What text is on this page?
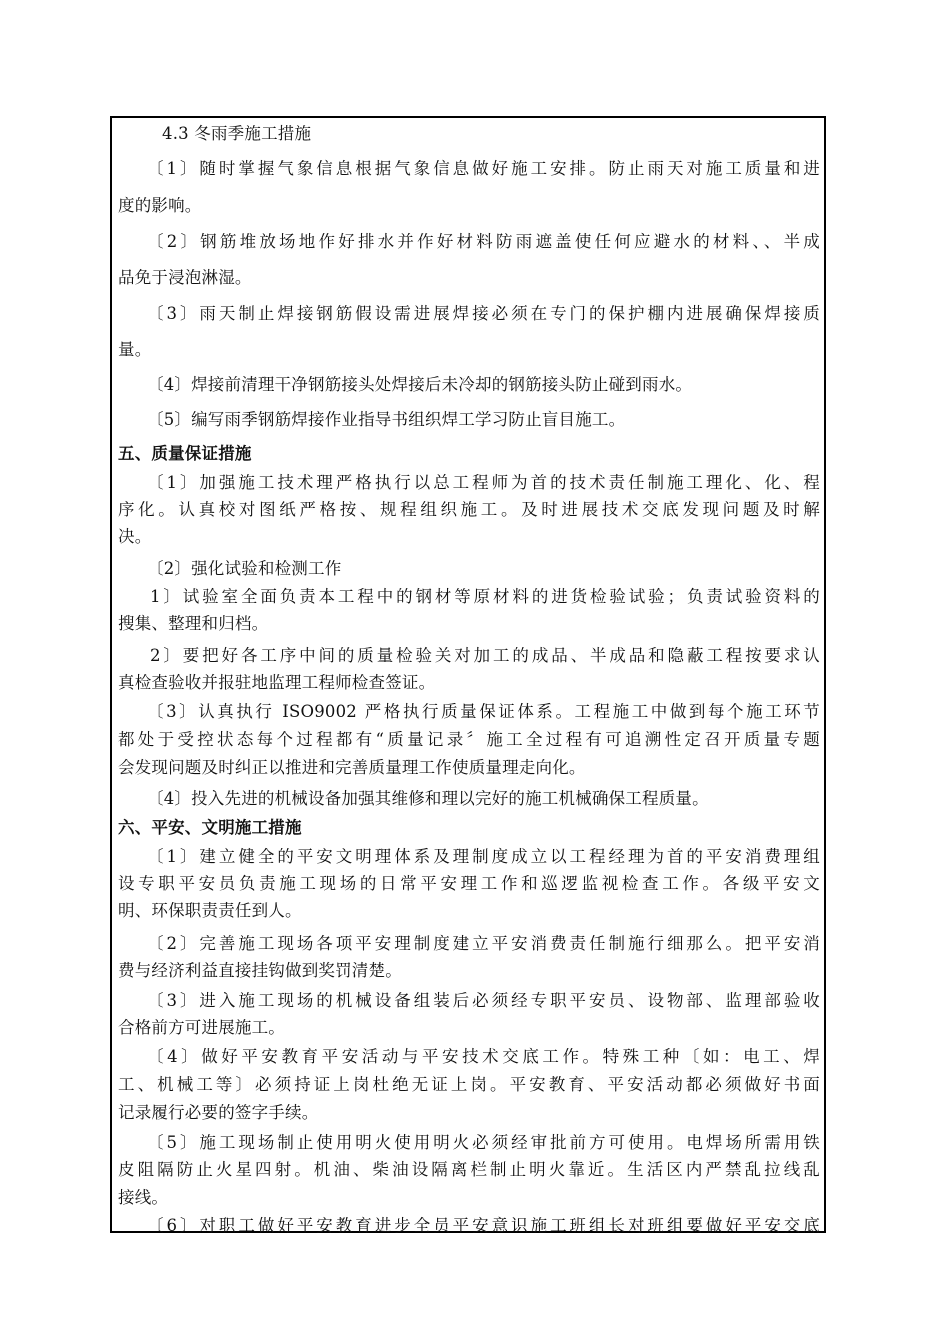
4.3 冬雨季施工措施
〔1〕随时掌握气象信息根据气象信息做好施工安排。防止雨天对施工质量和进
度的影响。
〔2〕钢筋堆放场地作好排水并作好材料防雨遮盖使任何应避水的材料、、半成
品免于浸泡淋湿。
〔3〕雨天制止焊接钢筋假设需进展焊接必须在专门的保护棚内进展确保焊接质
量。
〔4〕焊接前清理干净钢筋接头处焊接后未冷却的钢筋接头防止碰到雨水。
〔5〕编写雨季钢筋焊接作业指导书组织焊工学习防止盲目施工。
五、质量保证措施
〔1〕加强施工技术理严格执行以总工程师为首的技术责任制施工理化、化、程
序化。认真校对图纸严格按、规程组织施工。及时进展技术交底发现问题及时解
决。
〔2〕强化试验和检测工作
1〕试验室全面负责本工程中的钢材等原材料的进货检验试验；负责试验资料的
搜集、整理和归档。
2〕要把好各工序中间的质量检验关对加工的成品、半成品和隐蔽工程按要求认
真检查验收并报驻地监理工程师检查签证。
〔3〕认真执行 ISO9002 严格执行质量保证体系。工程施工中做到每个施工环节
都处于受控状态每个过程都有“质量记录〞施工全过程有可追溯性定召开质量专题
会发现问题及时纠正以推进和完善质量理工作使质量理走向化。
〔4〕投入先进的机械设备加强其维修和理以完好的施工机械确保工程质量。
六、平安、文明施工措施
〔1〕建立健全的平安文明理体系及理制度成立以工程经理为首的平安消费理组
设专职平安员负责施工现场的日常平安理工作和巡逻监视检查工作。各级平安文
明、环保职责责任到人。
〔2〕完善施工现场各项平安理制度建立平安消费责任制施行细那么。把平安消
费与经济利益直接挂钩做到奖罚清楚。
〔3〕进入施工现场的机械设备组装后必须经专职平安员、设物部、监理部验收
合格前方可进展施工。
〔4〕做好平安教育平安活动与平安技术交底工作。特殊工种〔如：电工、焊
工、机械工等〕必须持证上岗杜绝无证上岗。平安教育、平安活动都必须做好书面
记录履行必要的签字手续。
〔5〕施工现场制止使用明火使用明火必须经审批前方可使用。电焊场所需用铁
皮阻隔防止火星四射。机油、柴油设隔离栏制止明火靠近。生活区内严禁乱拉线乱
接线。
〔6〕对职工做好平安教育进步全员平安意识施工班组长对班组要做好平安交底
